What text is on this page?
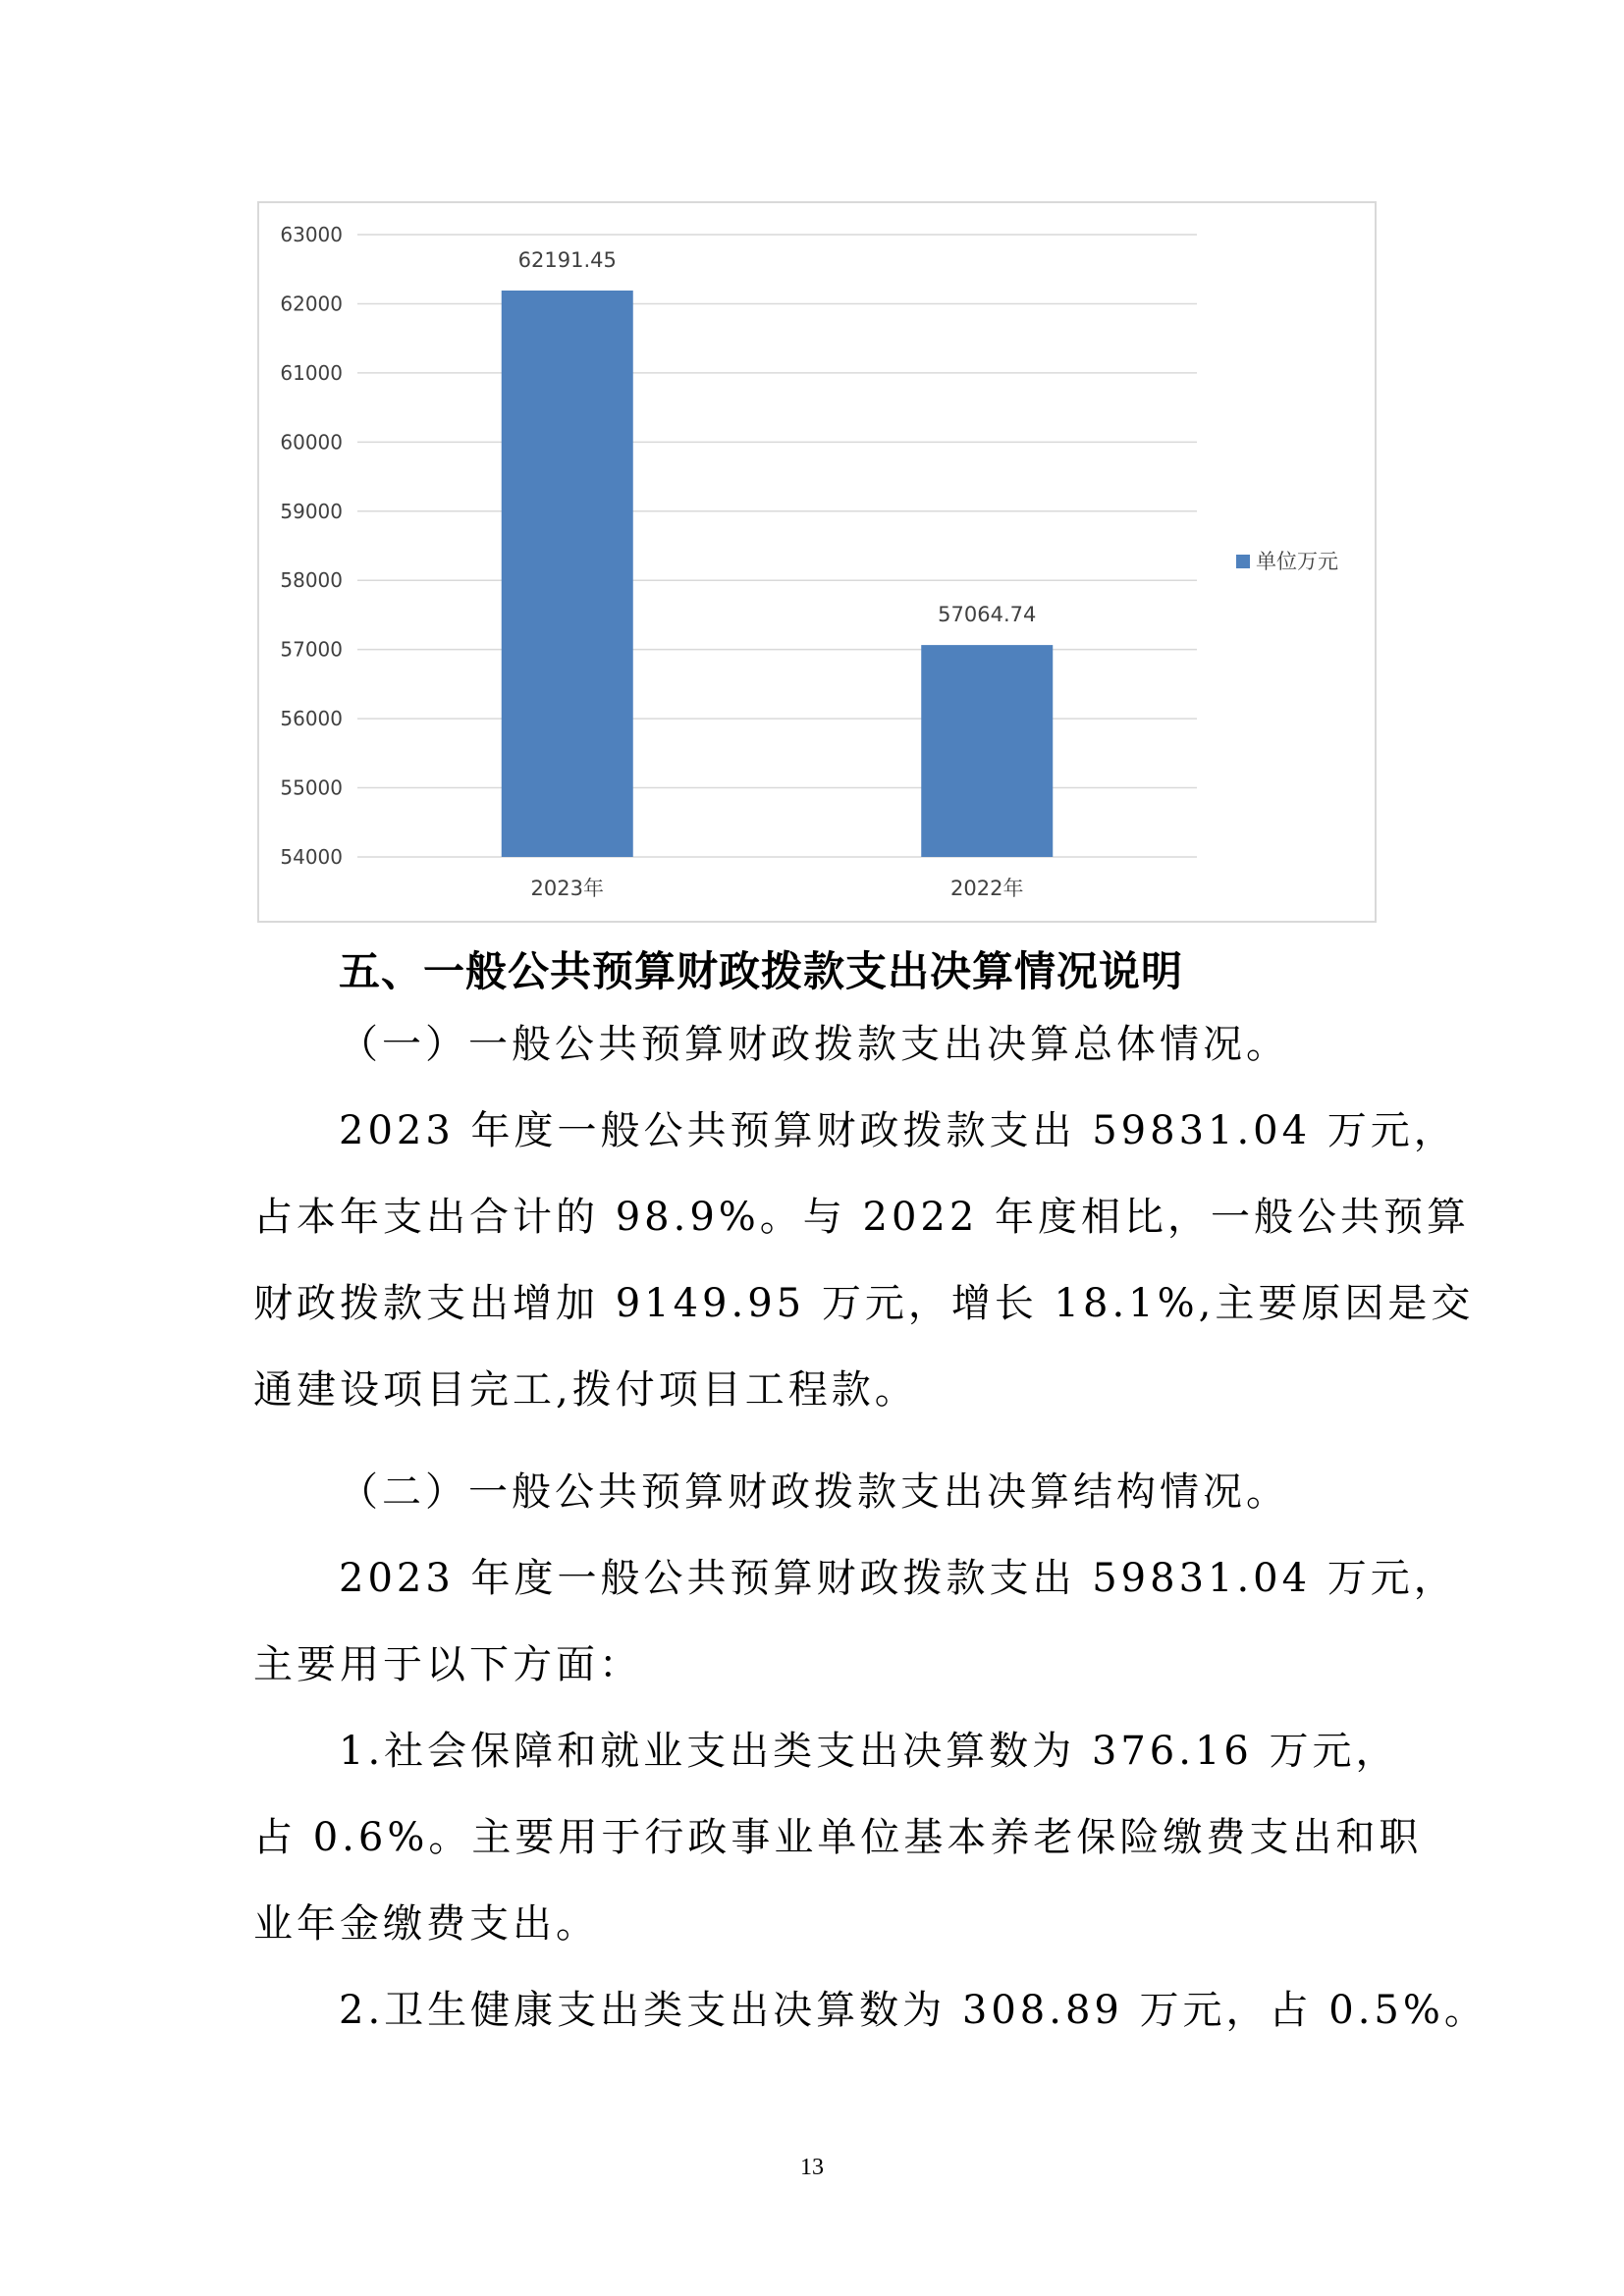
54000
55000
56000
57000
58000
59000
60000
61000
62000
63000
62191.45
2023年
57064.74
2022年
单位万元
五、一般公共预算财政拨款支出决算情况说明
（一）一般公共预算财政拨款支出决算总体情况。
2023 年度一般公共预算财政拨款支出 59831.04 万元，
占本年支出合计的 98.9%。与 2022 年度相比，一般公共预算
财政拨款支出增加 9149.95 万元，增长 18.1%,主要原因是交
通建设项目完工,拨付项目工程款。
（二）一般公共预算财政拨款支出决算结构情况。
2023 年度一般公共预算财政拨款支出 59831.04 万元，
主要用于以下方面：
1.社会保障和就业支出类支出决算数为 376.16 万元，
占 0.6%。主要用于行政事业单位基本养老保险缴费支出和职
业年金缴费支出。
2.卫生健康支出类支出决算数为 308.89 万元，占 0.5%。
13
